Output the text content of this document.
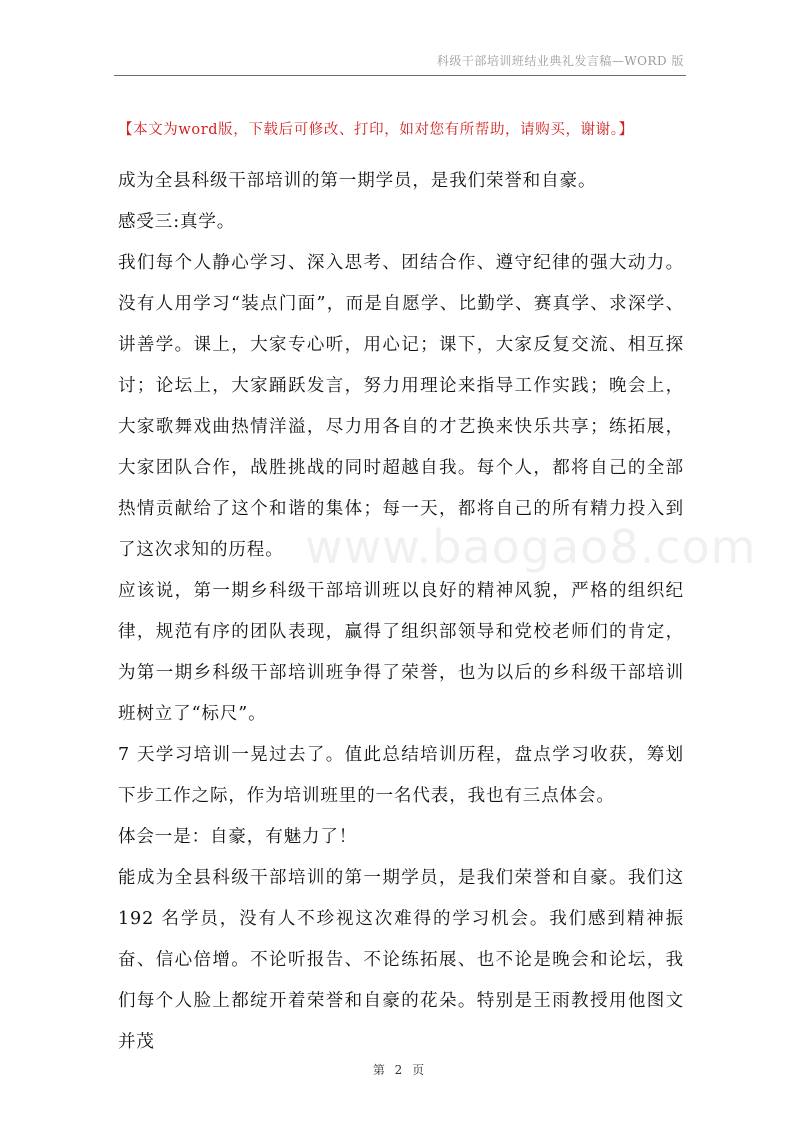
科级干部培训班结业典礼发言稿—WORD 版
【本文为word版，下载后可修改、打印，如对您有所帮助，请购买，谢谢。】

成为全县科级干部培训的第一期学员，是我们荣誉和自豪。

感受三:真学。

我们每个人静心学习、深入思考、团结合作、遵守纪律的强大动力。没有人用学习“装点门面”，而是自愿学、比勤学、赛真学、求深学、讲善学。课上，大家专心听，用心记；课下，大家反复交流、相互探讨；论坛上，大家踊跃发言，努力用理论来指导工作实践；晚会上，大家歌舞戏曲热情洋溢，尽力用各自的才艺换来快乐共享；练拓展，大家团队合作，战胜挑战的同时超越自我。每个人，都将自己的全部热情贡献给了这个和谐的集体；每一天，都将自己的所有精力投入到了这次求知的历程。

应该说，第一期乡科级干部培训班以良好的精神风貌，严格的组织纪律，规范有序的团队表现，赢得了组织部领导和党校老师们的肯定，为第一期乡科级干部培训班争得了荣誉，也为以后的乡科级干部培训班树立了“标尺”。

7 天学习培训一晃过去了。值此总结培训历程，盘点学习收获，筹划下步工作之际，作为培训班里的一名代表，我也有三点体会。

体会一是：自豪，有魅力了！

能成为全县科级干部培训的第一期学员，是我们荣誉和自豪。我们这 192 名学员，没有人不珍视这次难得的学习机会。我们感到精神振奋、信心倍增。不论听报告、不论练拓展、也不论是晚会和论坛，我们每个人脸上都绽开着荣誉和自豪的花朵。特别是王雨教授用他图文并茂

www.baogao8.com
第 2 页
